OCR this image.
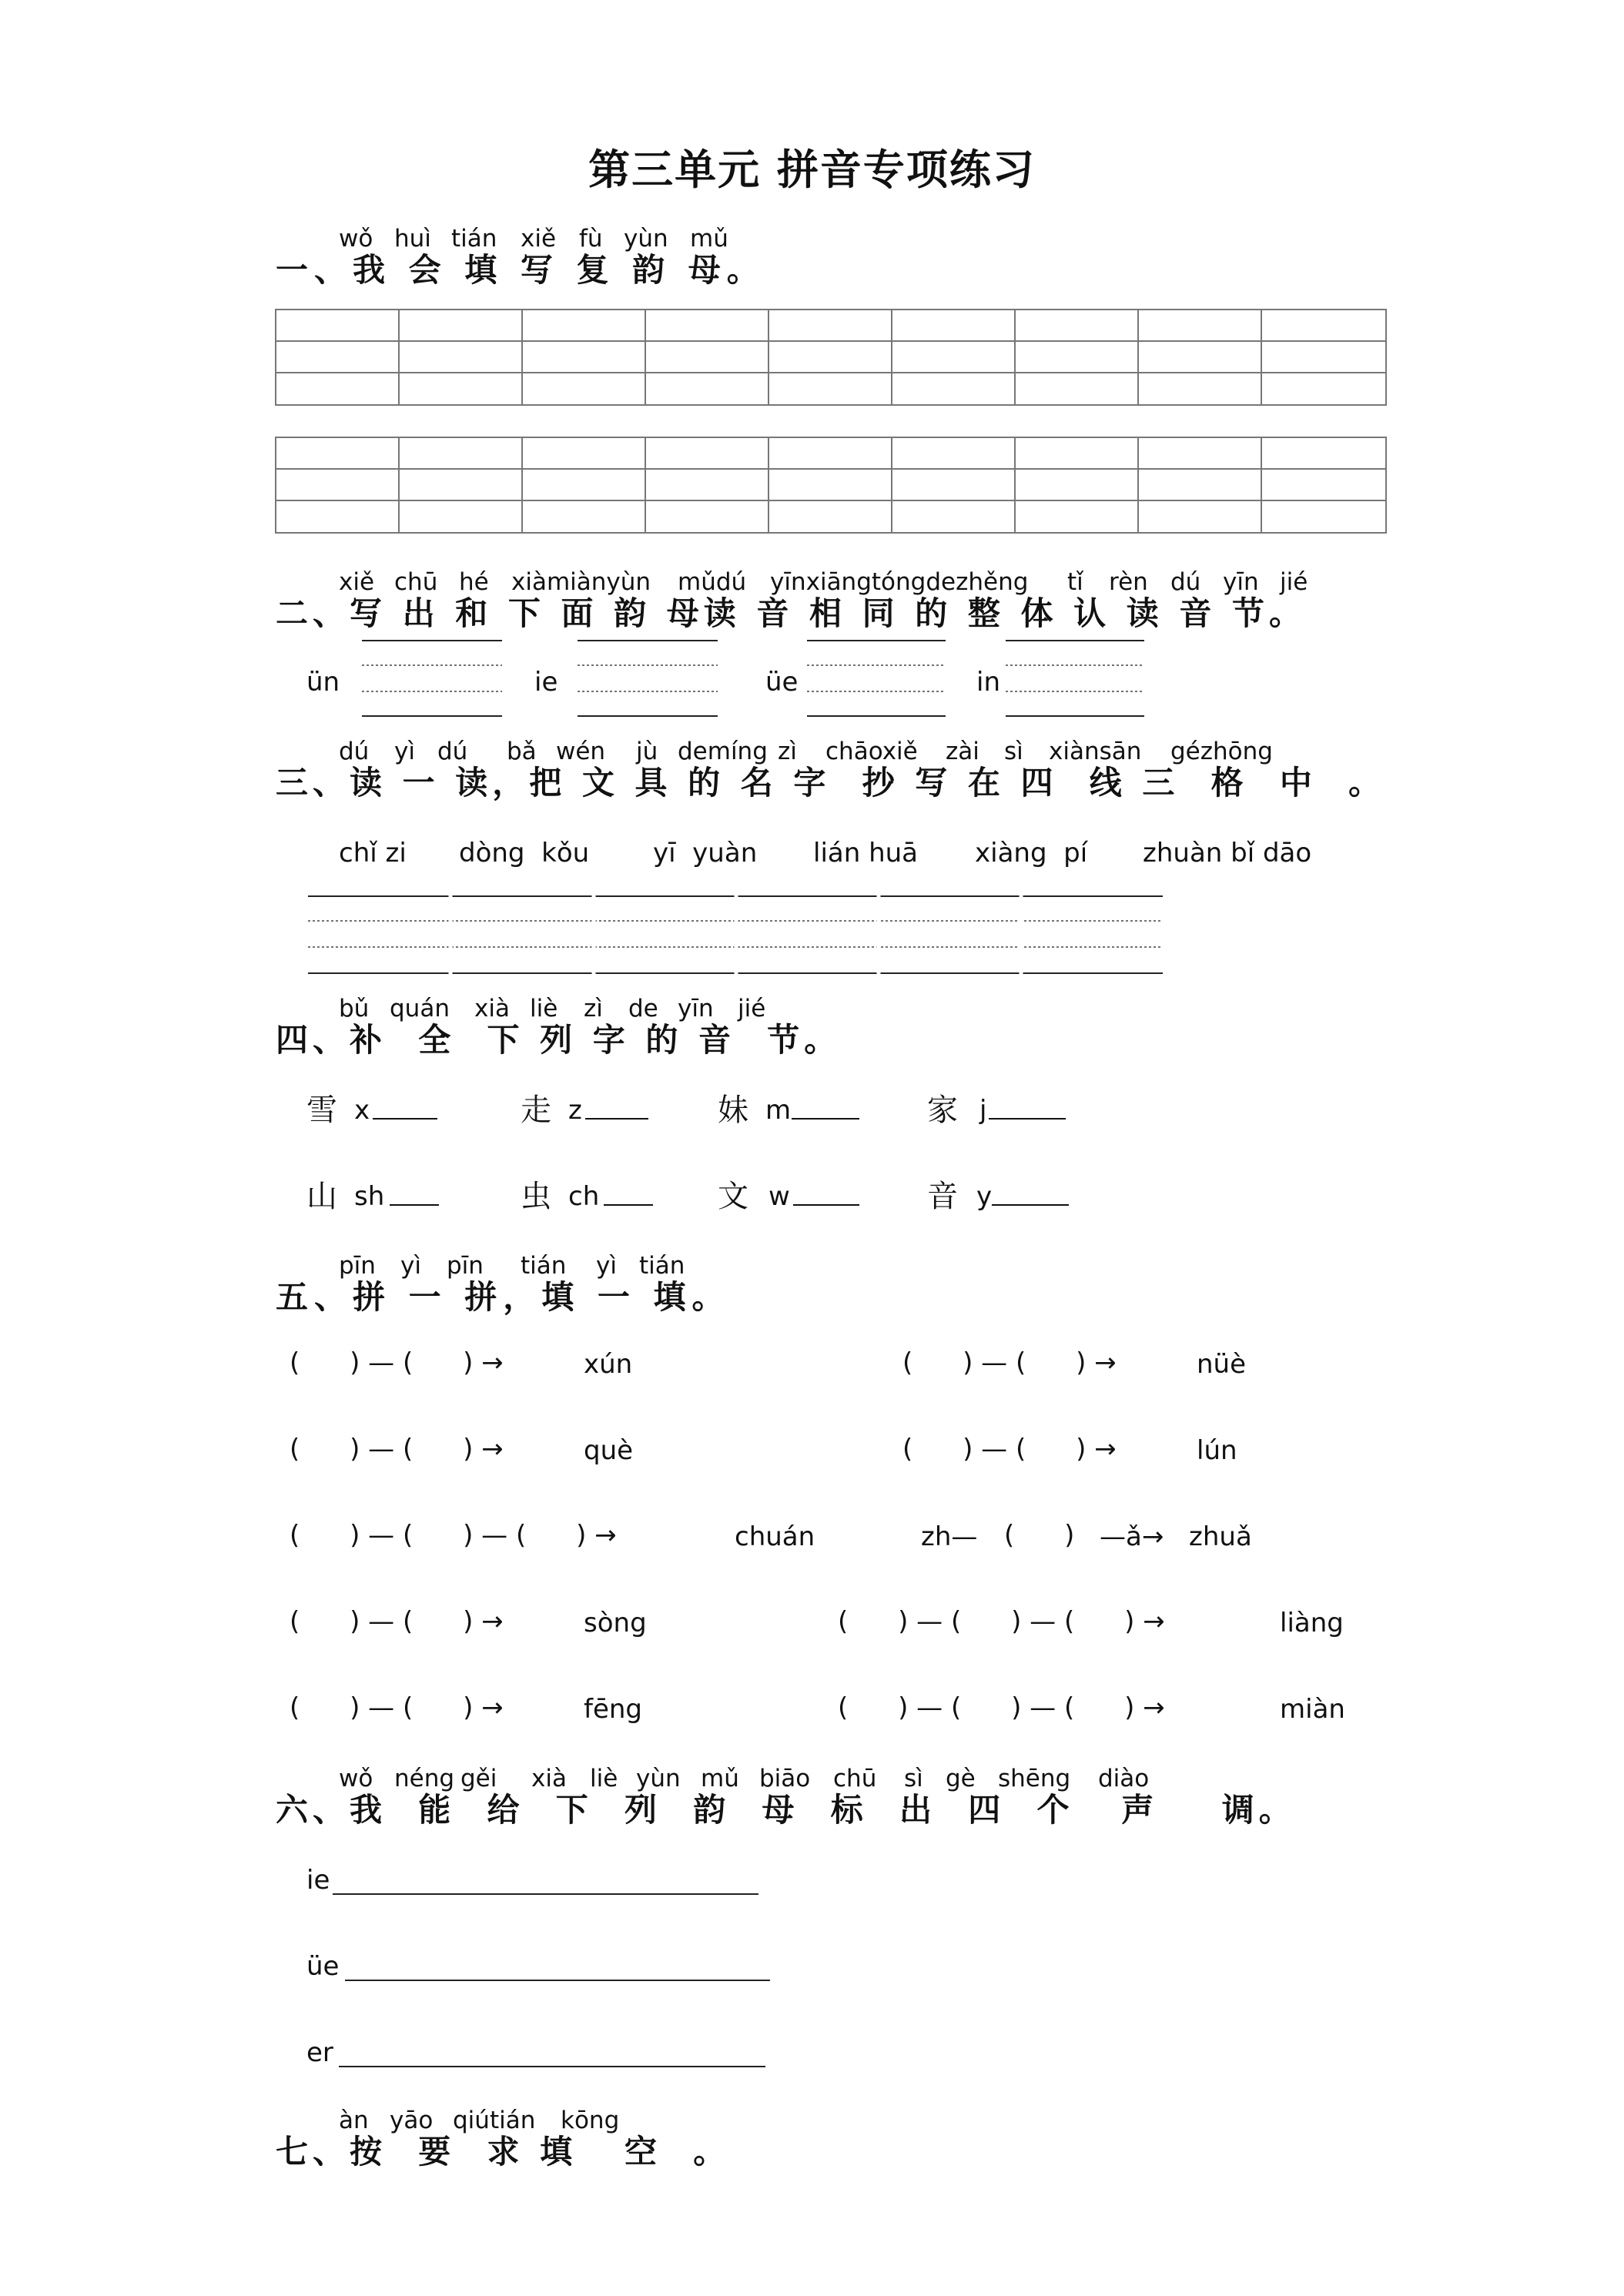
第三单元 拼音专项练习
wǒ huì tián xiě fù yùn mǔ
一、我 会 填 写 复 韵 母。
xiě chū hé xiàmiànyùn mǔdú yīnxiāngtóngdezhěng tǐ rèn dú yīn jié
二、写 出 和 下 面 韵 母读 音 相 同 的 整 体 认 读 音 节。
ün	ie	üe	in
dú yì dú bǎ wén jù demíng zì chāoxiě zài sì xiànsān gézhōng
三、读 一 读，把 文 具 的 名 字  抄 写 在 四  线 三  格  中  。
chǐ zi dòng  kǒu yī  yuàn lián huā xiàng  pí zhuàn bǐ dāo
bǔ quán xià liè zì de yīn jié
四、补  全  下 列 字 的 音  节。
雪 x	走 z	妹 m	家 j
山 sh	虫 ch	文 w	音 y
pīn yì pīn tián yì tián
五、拼 一 拼，填 一 填。
(      ) — (      ) →	xún	(      ) — (      ) →	nüè
(      ) — (      ) →	què	(      ) — (      ) →	lún
(      ) — (      ) — (      ) →	chuán	zh— (      ) —ǎ→ zhuǎ
(      ) — (      ) →	sòng	(      ) — (      ) — (      ) →	liàng
(      ) — (      ) →	fēng	(      ) — (      ) — (      ) →	miàn
wǒ néng gěi xià liè yùn mǔ biāo chū sì gè shēng diào
六、我  能  给  下  列  韵  母  标  出  四  个   声    调。
ie
üe
er
àn yāo qiútián kōng
七、按  要  求 填   空  。
